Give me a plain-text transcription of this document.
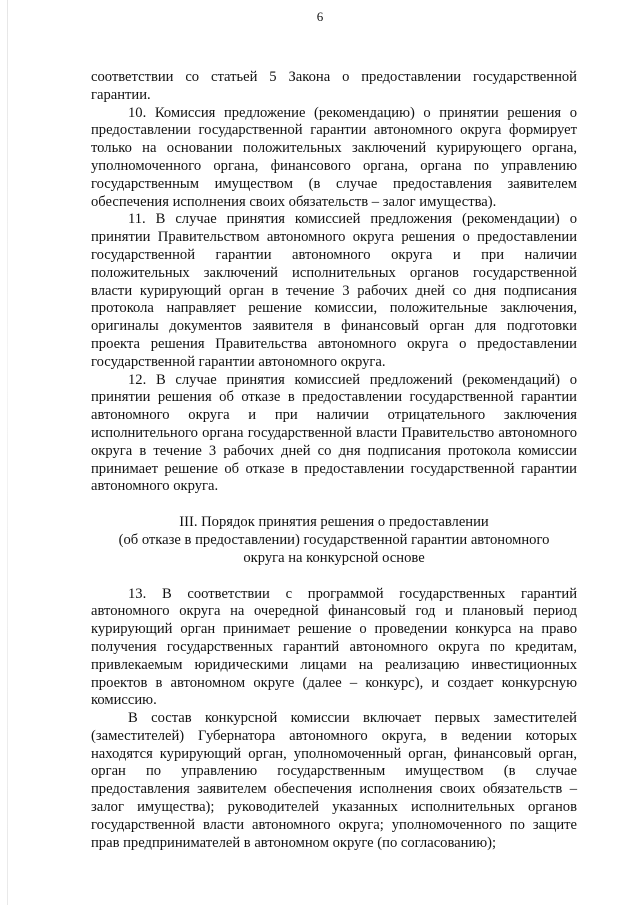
6

соответствии со статьей 5 Закона о предоставлении государственной гарантии.

10. Комиссия предложение (рекомендацию) о принятии решения о предоставлении государственной гарантии автономного округа формирует только на основании положительных заключений курирующего органа, уполномоченного органа, финансового органа, органа по управлению государственным имуществом (в случае предоставления заявителем обеспечения исполнения своих обязательств – залог имущества).

11. В случае принятия комиссией предложения (рекомендации) о принятии Правительством автономного округа решения о предоставлении государственной гарантии автономного округа и при наличии положительных заключений исполнительных органов государственной власти курирующий орган в течение 3 рабочих дней со дня подписания протокола направляет решение комиссии, положительные заключения, оригиналы документов заявителя в финансовый орган для подготовки проекта решения Правительства автономного округа о предоставлении государственной гарантии автономного округа.

12. В случае принятия комиссией предложений (рекомендаций) о принятии решения об отказе в предоставлении государственной гарантии автономного округа и при наличии отрицательного заключения исполнительного органа государственной власти Правительство автономного округа в течение 3 рабочих дней со дня подписания протокола комиссии принимает решение об отказе в предоставлении государственной гарантии автономного округа.

III. Порядок принятия решения о предоставлении
(об отказе в предоставлении) государственной гарантии автономного
округа на конкурсной основе

13. В соответствии с программой государственных гарантий автономного округа на очередной финансовый год и плановый период курирующий орган принимает решение о проведении конкурса на право получения государственных гарантий автономного округа по кредитам, привлекаемым юридическими лицами на реализацию инвестиционных проектов в автономном округе (далее – конкурс), и создает конкурсную комиссию.

В состав конкурсной комиссии включает первых заместителей (заместителей) Губернатора автономного округа, в ведении которых находятся курирующий орган, уполномоченный орган, финансовый орган, орган по управлению государственным имуществом (в случае предоставления заявителем обеспечения исполнения своих обязательств – залог имущества); руководителей указанных исполнительных органов государственной власти автономного округа; уполномоченного по защите прав предпринимателей в автономном округе (по согласованию);
